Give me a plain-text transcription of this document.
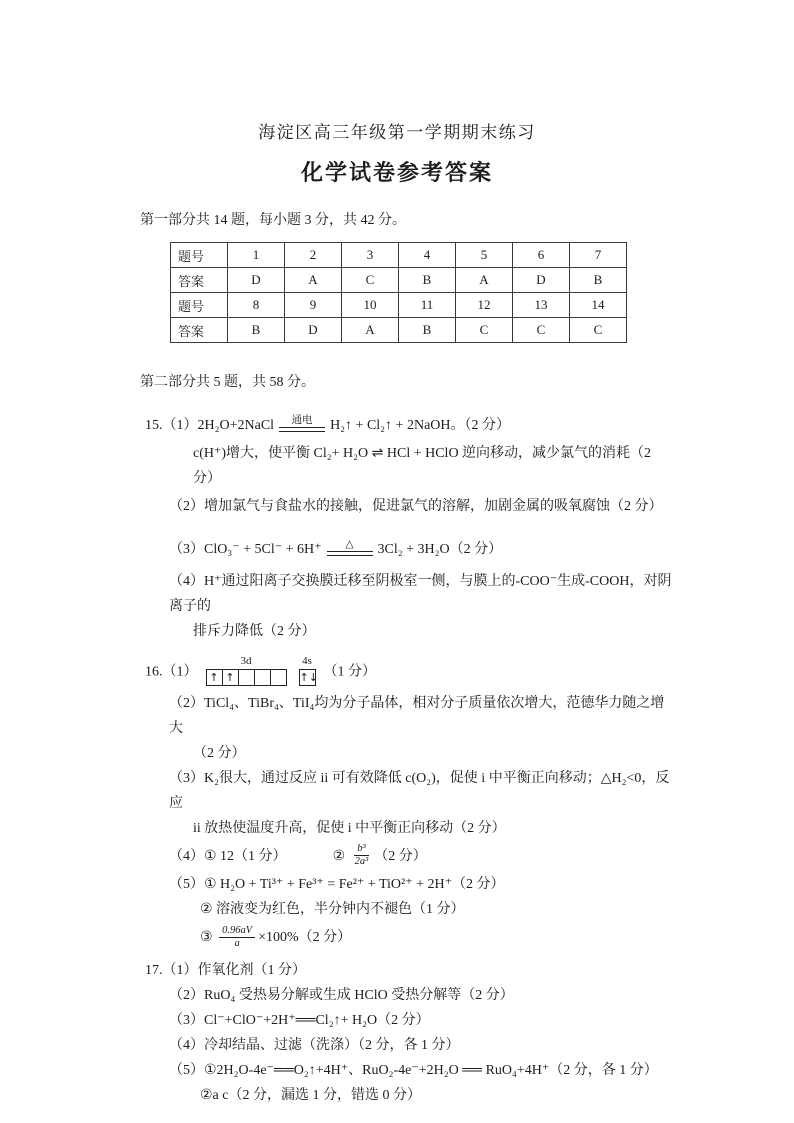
海淀区高三年级第一学期期末练习
化学试卷参考答案
第一部分共 14 题，每小题 3 分，共 42 分。
题号	1	2	3	4	5	6	7
答案	D	A	C	B	A	D	B
题号	8	9	10	11	12	13	14
答案	B	D	A	B	C	C	C
第二部分共 5 题，共 58 分。
15.（1）2H₂O+2NaCl 通电 H₂↑ + Cl₂↑ + 2NaOH。（2 分）
c(H⁺)增大，使平衡 Cl₂+ H₂O ⇌ HCl + HClO 逆向移动，减少氯气的消耗（2 分）
（2）增加氯气与食盐水的接触，促进氯气的溶解，加剧金属的吸氧腐蚀（2 分）
（3）ClO₃⁻ + 5Cl⁻ + 6H⁺ △ 3Cl₂ + 3H₂O（2 分）
（4）H⁺通过阳离子交换膜迁移至阴极室一侧，与膜上的-COO⁻生成-COOH，对阴离子的
排斥力降低（2 分）
16.（1）
3d
↑ ↑
4s
↑↓ （1 分）
（2）TiCl₄、TiBr₄、TiI₄均为分子晶体，相对分子质量依次增大，范德华力随之增大
（2 分）
（3）K₂很大，通过反应 ii 可有效降低 c(O₂)，促使 i 中平衡正向移动；△H₂<0，反应
ii 放热使温度升高，促使 i 中平衡正向移动（2 分）
（4）① 12（1 分）	② $\frac{\text{b³}}{\text{2a³}} (2$ 分）
（5）① H₂O + Ti³⁺ + Fe³⁺ = Fe²⁺ + TiO²⁺ + 2H⁺（2 分）
② 溶液变为红色，半分钟内不褪色（1 分）
③ $\frac{0.96aV}{a} \times 100\%(2$ 分）
17.（1）作氧化剂（1 分）
（2）RuO₄ 受热易分解或生成 HClO 受热分解等（2 分）
（3）Cl⁻+ClO⁻+2H⁺══Cl₂↑+ H₂O（2 分）
（4）冷却结晶、过滤（洗涤）（2 分，各 1 分）
（5）①2H₂O-4e⁻══O₂↑+4H⁺、RuO₂-4e⁻+2H₂O ══ RuO₄+4H⁺（2 分，各 1 分）
②a c（2 分，漏选 1 分，错选 0 分）
